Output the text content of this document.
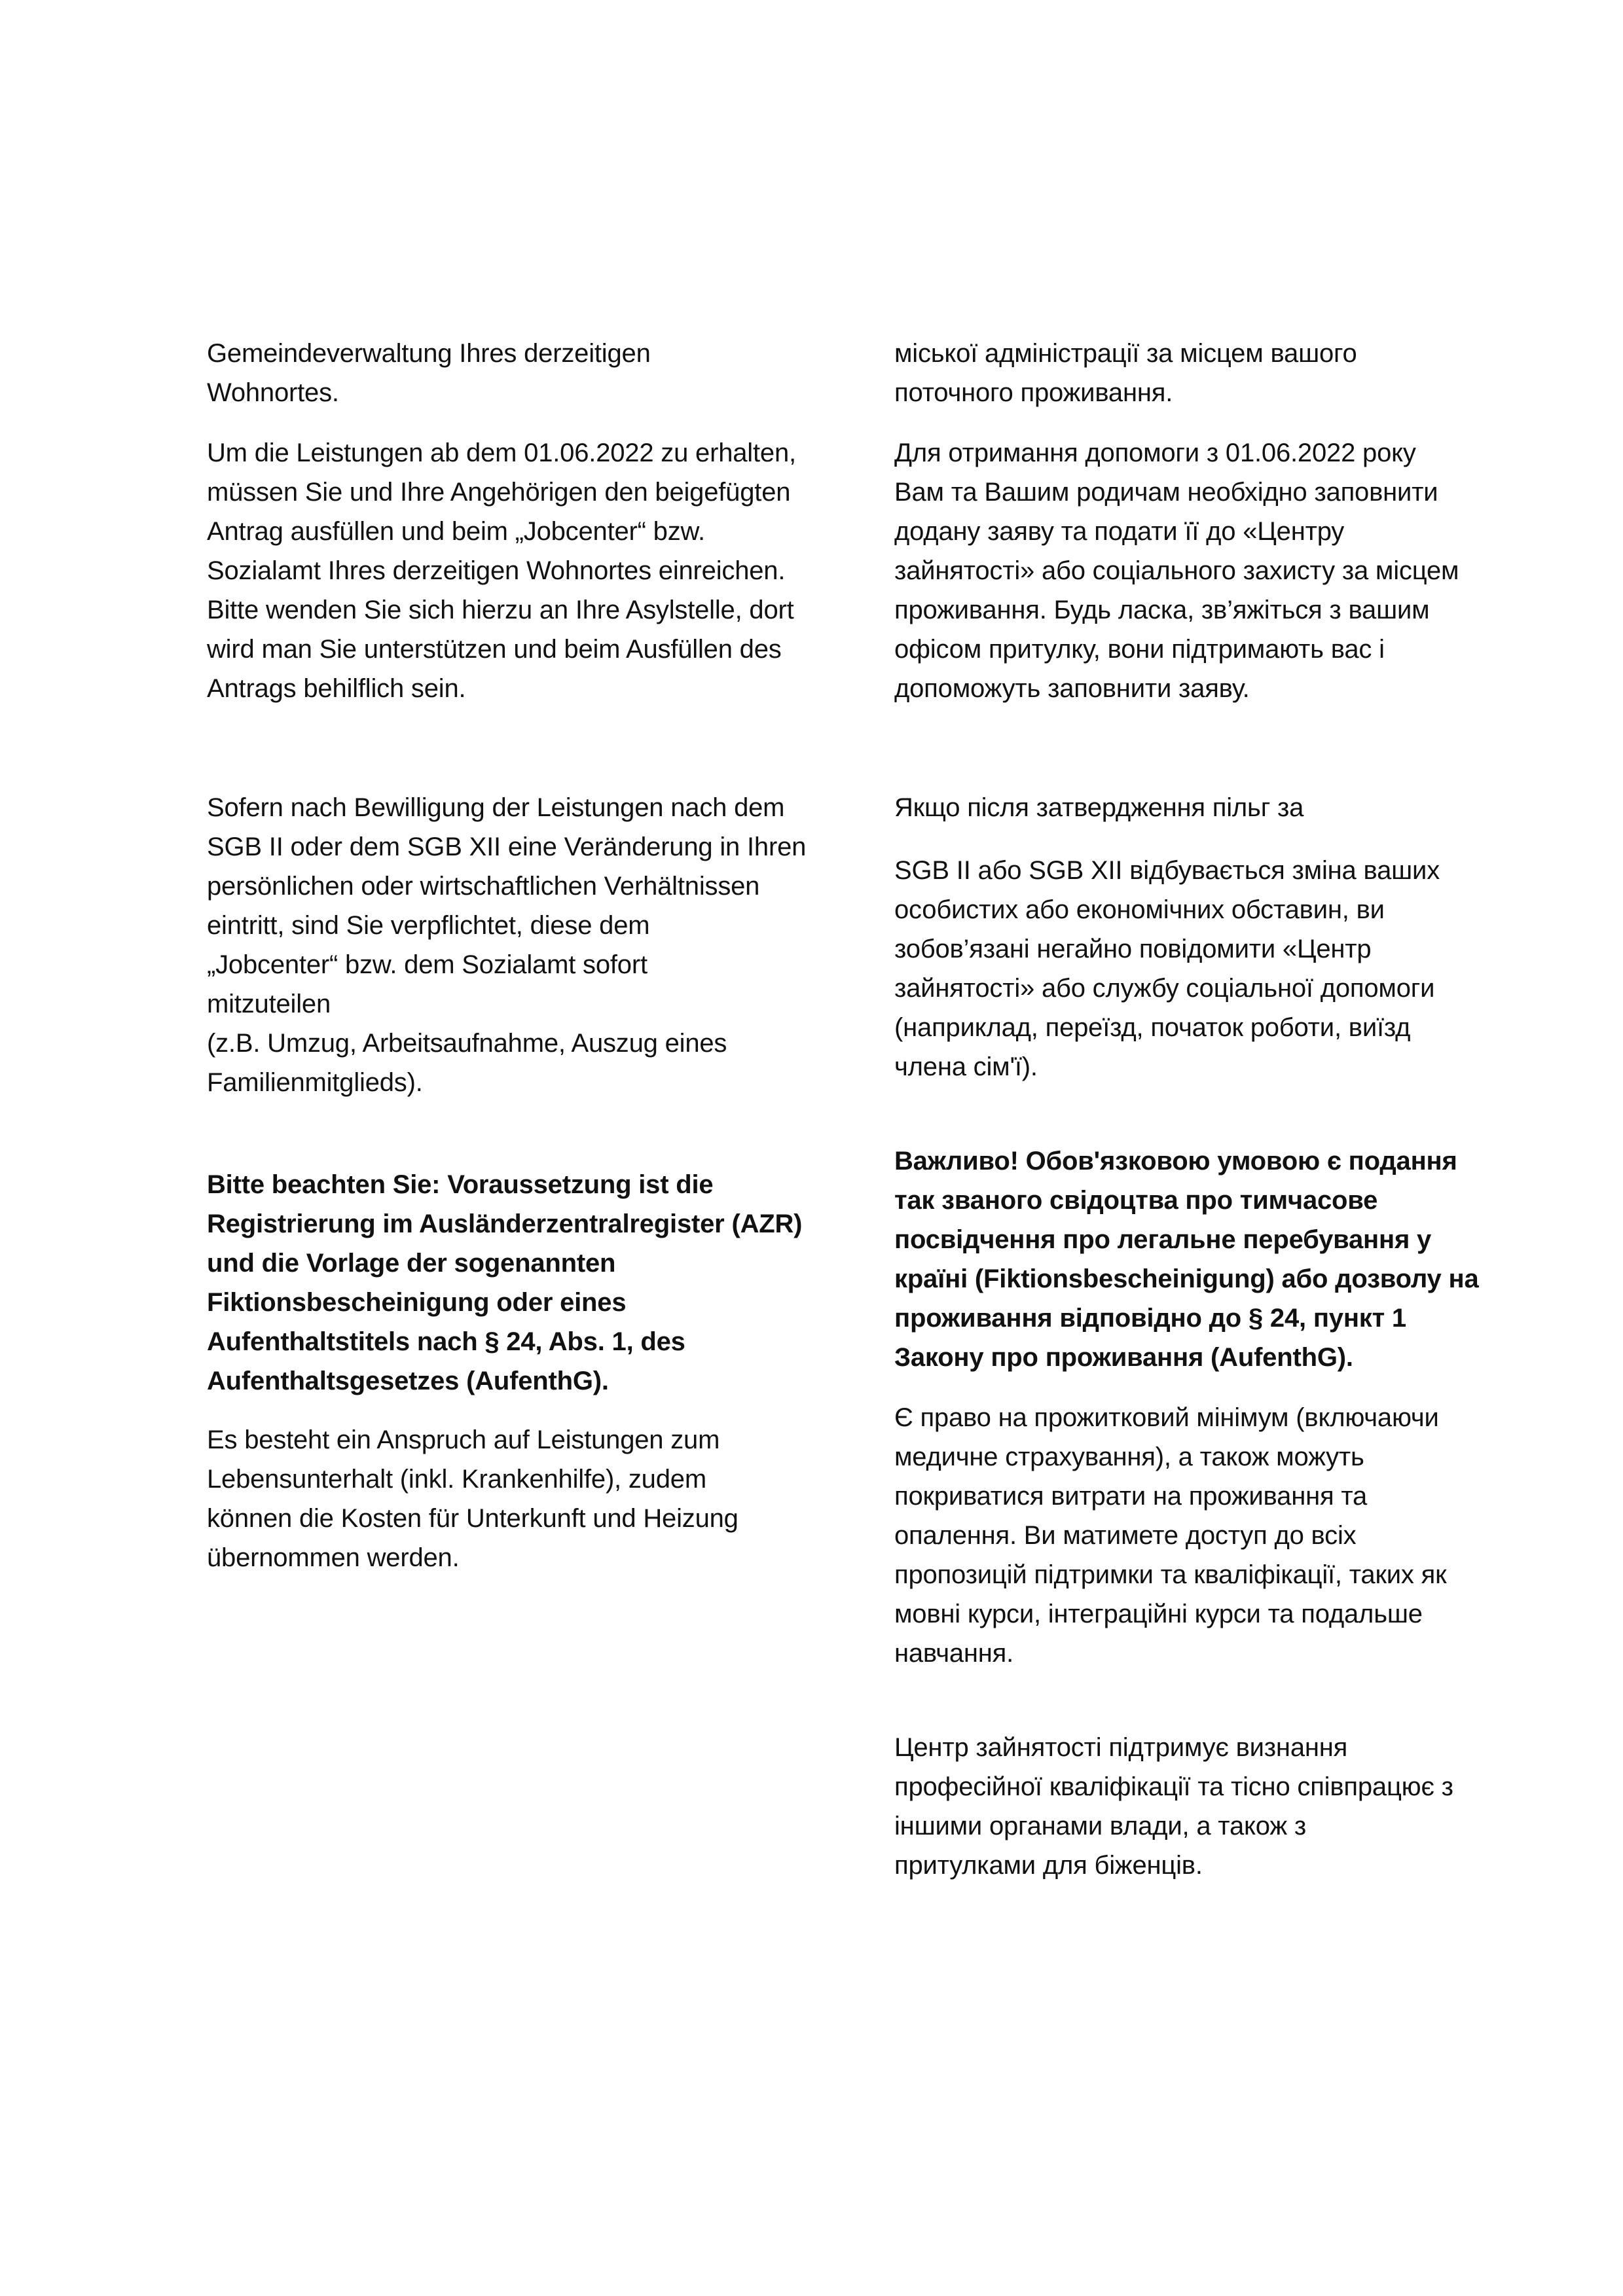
Gemeindeverwaltung Ihres derzeitigen
Wohnortes.

Um die Leistungen ab dem 01.06.2022 zu erhalten,
müssen Sie und Ihre Angehörigen den beigefügten
Antrag ausfüllen und beim „Jobcenter“ bzw.
Sozialamt Ihres derzeitigen Wohnortes einreichen.
Bitte wenden Sie sich hierzu an Ihre Asylstelle, dort
wird man Sie unterstützen und beim Ausfüllen des
Antrags behilflich sein.

Sofern nach Bewilligung der Leistungen nach dem
SGB II oder dem SGB XII eine Veränderung in Ihren
persönlichen oder wirtschaftlichen Verhältnissen
eintritt, sind Sie verpflichtet, diese dem
„Jobcenter“ bzw. dem Sozialamt sofort
mitzuteilen
(z.B. Umzug, Arbeitsaufnahme, Auszug eines
Familienmitglieds).

Bitte beachten Sie: Voraussetzung ist die
Registrierung im Ausländerzentralregister (AZR)
und die Vorlage der sogenannten
Fiktionsbescheinigung oder eines
Aufenthaltstitels nach § 24, Abs. 1, des
Aufenthaltsgesetzes (AufenthG).

Es besteht ein Anspruch auf Leistungen zum
Lebensunterhalt (inkl. Krankenhilfe), zudem
können die Kosten für Unterkunft und Heizung
übernommen werden.

міської адміністрації за місцем вашого
поточного проживання.

Для отримання допомоги з 01.06.2022 року
Вам та Вашим родичам необхідно заповнити
додану заяву та подати її до «Центру
зайнятості» або соціального захисту за місцем
проживання. Будь ласка, зв’яжіться з вашим
офісом притулку, вони підтримають вас і
допоможуть заповнити заяву.

Якщо після затвердження пільг за

SGB II або SGB XII відбувається зміна ваших
особистих або економічних обставин, ви
зобов’язані негайно повідомити «Центр
зайнятості» або службу соціальної допомоги
(наприклад, переїзд, початок роботи, виїзд
члена сім'ї).

Важливо! Обов'язковою умовою є подання
так званого свідоцтва про тимчасове
посвідчення про легальне перебування у
країні (Fiktionsbescheinigung) або дозволу на
проживання відповідно до § 24, пункт 1
Закону про проживання (AufenthG).

Є право на прожитковий мінімум (включаючи
медичне страхування), а також можуть
покриватися витрати на проживання та
опалення. Ви матимете доступ до всіх
пропозицій підтримки та кваліфікації, таких як
мовні курси, інтеграційні курси та подальше
навчання.

Центр зайнятості підтримує визнання
професійної кваліфікації та тісно співпрацює з
іншими органами влади, а також з
притулками для біженців.
